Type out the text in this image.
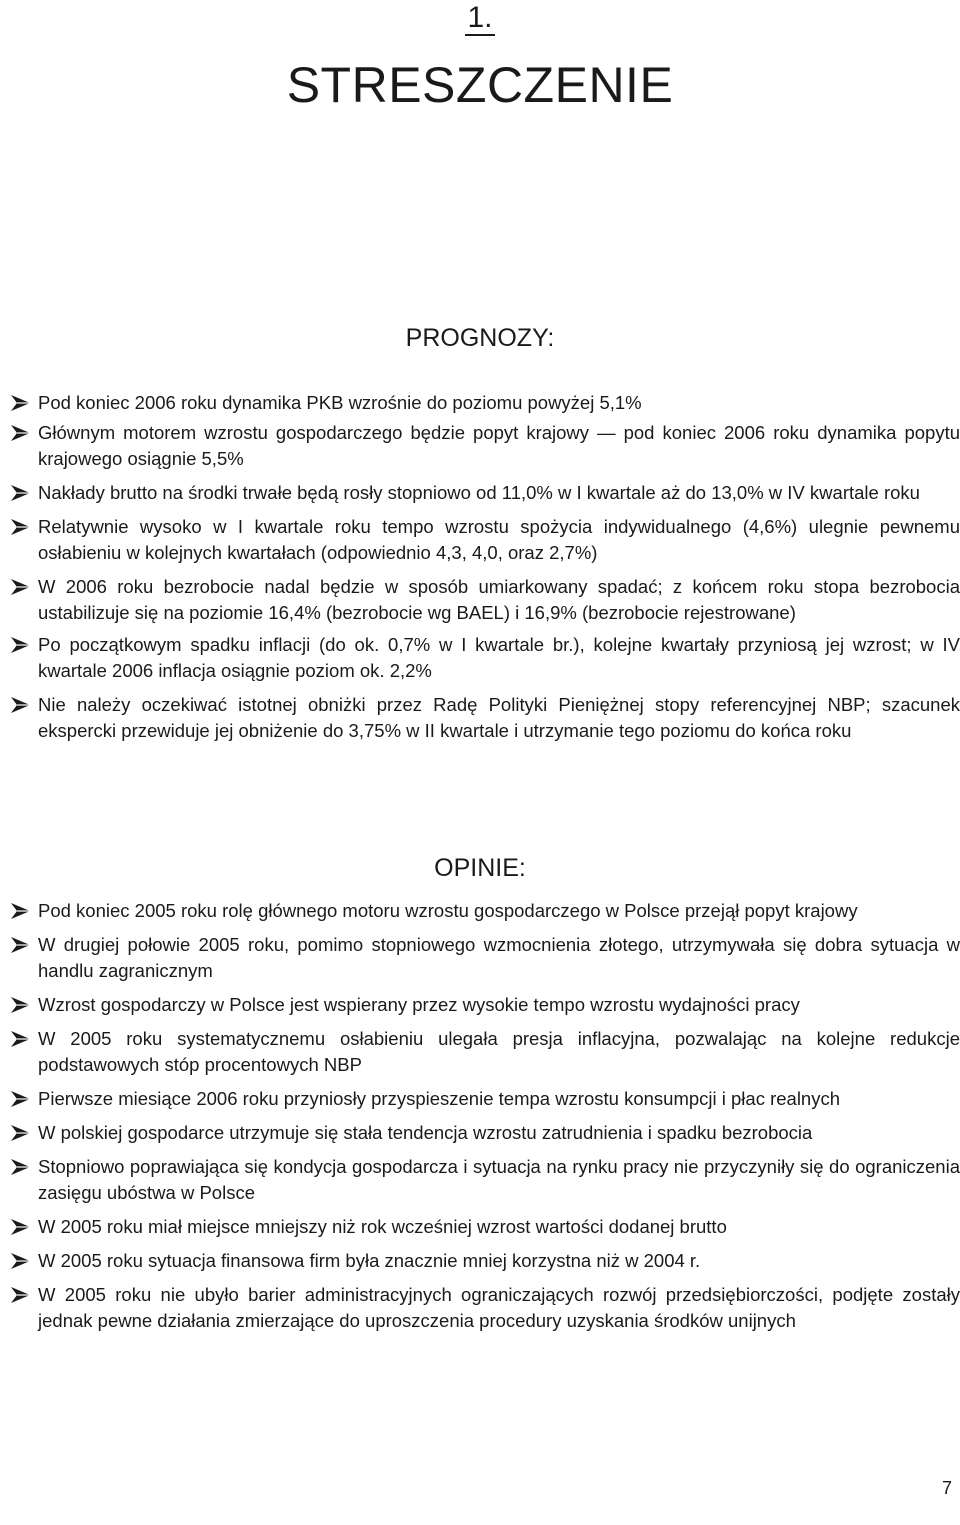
1.
STRESZCZENIE
PROGNOZY:

Pod koniec 2006 roku dynamika PKB wzrośnie do poziomu powyżej 5,1%

Głównym motorem wzrostu gospodarczego będzie popyt krajowy — pod koniec 2006 roku dynamika popytu krajowego osiągnie 5,5%

Nakłady brutto na środki trwałe będą rosły stopniowo od 11,0% w I kwartale aż do 13,0% w IV kwartale roku

Relatywnie wysoko w I kwartale roku tempo wzrostu spożycia indywidualnego (4,6%) ulegnie pewnemu osłabieniu w kolejnych kwartałach (odpowiednio 4,3, 4,0, oraz 2,7%)

W 2006 roku bezrobocie nadal będzie w sposób umiarkowany spadać; z końcem roku stopa bezrobocia ustabilizuje się na poziomie 16,4% (bezrobocie wg BAEL) i 16,9% (bezrobocie rejestrowane)

Po początkowym spadku inflacji (do ok. 0,7% w I kwartale br.), kolejne kwartały przyniosą jej wzrost; w IV kwartale 2006 inflacja osiągnie poziom ok. 2,2%

Nie należy oczekiwać istotnej obniżki przez Radę Polityki Pieniężnej stopy referencyjnej NBP; szacunek ekspercki przewiduje jej obniżenie do 3,75% w II kwartale i utrzymanie tego poziomu do końca roku

OPINIE:

Pod koniec 2005 roku rolę głównego motoru wzrostu gospodarczego w Polsce przejął popyt krajowy

W drugiej połowie 2005 roku, pomimo stopniowego wzmocnienia złotego, utrzymywała się dobra sytuacja w handlu zagranicznym

Wzrost gospodarczy w Polsce jest wspierany przez wysokie tempo wzrostu wydajności pracy

W 2005 roku systematycznemu osłabieniu ulegała presja inflacyjna, pozwalając na kolejne redukcje podstawowych stóp procentowych NBP

Pierwsze miesiące 2006 roku przyniosły przyspieszenie tempa wzrostu konsumpcji i płac realnych

W polskiej gospodarce utrzymuje się stała tendencja wzrostu zatrudnienia i spadku bezrobocia

Stopniowo poprawiająca się kondycja gospodarcza i sytuacja na rynku pracy nie przyczyniły się do ograniczenia zasięgu ubóstwa w Polsce

W 2005 roku miał miejsce mniejszy niż rok wcześniej wzrost wartości dodanej brutto

W 2005 roku sytuacja finansowa firm była znacznie mniej korzystna niż w 2004 r.

W 2005 roku nie ubyło barier administracyjnych ograniczających rozwój przedsiębiorczości, podjęte zostały jednak pewne działania zmierzające do uproszczenia procedury uzyskania środków unijnych

7
